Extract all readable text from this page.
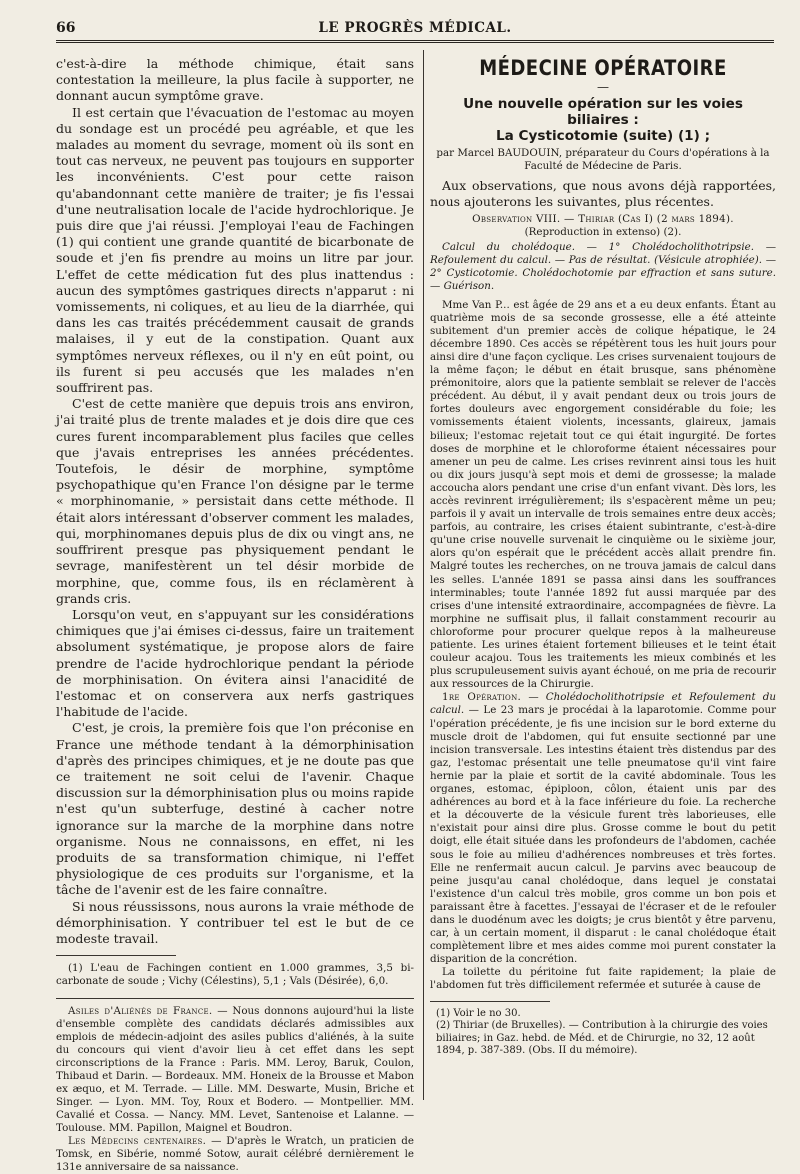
66	LE PROGRÈS MÉDICAL.

c'est-à-dire la méthode chimique, était sans contestation la meilleure, la plus facile à supporter, ne donnant aucun symptôme grave.

Il est certain que l'évacuation de l'estomac au moyen du sondage est un procédé peu agréable, et que les malades au moment du sevrage, moment où ils sont en tout cas nerveux, ne peuvent pas toujours en supporter les inconvénients. C'est pour cette raison qu'abandonnant cette manière de traiter; je fis l'essai d'une neutralisation locale de l'acide hydrochlorique. Je puis dire que j'ai réussi. J'employai l'eau de Fachingen (1) qui contient une grande quantité de bicarbonate de soude et j'en fis prendre au moins un litre par jour. L'effet de cette médication fut des plus inattendus : aucun des symptômes gastriques directs n'apparut : ni vomissements, ni coliques, et au lieu de la diarrhée, qui dans les cas traités précédemment causait de grands malaises, il y eut de la constipation. Quant aux symptômes nerveux réflexes, ou il n'y en eût point, ou ils furent si peu accusés que les malades n'en souffrirent pas.

C'est de cette manière que depuis trois ans environ, j'ai traité plus de trente malades et je dois dire que ces cures furent incomparablement plus faciles que celles que j'avais entreprises les années précédentes. Toutefois, le désir de morphine, symptôme psychopathique qu'en France l'on désigne par le terme « morphinomanie, » persistait dans cette méthode. Il était alors intéressant d'observer comment les malades, qui, morphinomanes depuis plus de dix ou vingt ans, ne souffrirent presque pas physiquement pendant le sevrage, manifestèrent un tel désir morbide de morphine, que, comme fous, ils en réclamèrent à grands cris.

Lorsqu'on veut, en s'appuyant sur les considérations chimiques que j'ai émises ci-dessus, faire un traitement absolument systématique, je propose alors de faire prendre de l'acide hydrochlorique pendant la période de morphinisation. On évitera ainsi l'anacidité de l'estomac et on conservera aux nerfs gastriques l'habitude de l'acide.

C'est, je crois, la première fois que l'on préconise en France une méthode tendant à la démorphinisation d'après des principes chimiques, et je ne doute pas que ce traitement ne soit celui de l'avenir. Chaque discussion sur la démorphinisation plus ou moins rapide n'est qu'un subterfuge, destiné à cacher notre ignorance sur la marche de la morphine dans notre organisme. Nous ne connaissons, en effet, ni les produits de sa transformation chimique, ni l'effet physiologique de ces produits sur l'organisme, et la tâche de l'avenir est de les faire connaître.

Si nous réussissons, nous aurons la vraie méthode de démorphinisation. Y contribuer tel est le but de ce modeste travail.

(1) L'eau de Fachingen contient en 1.000 grammes, 3,5 bi-carbonate de soude ; Vichy (Célestins), 5,1 ; Vals (Désirée), 6,0.

Asiles d'Aliénés de France. — Nous donnons aujourd'hui la liste d'ensemble complète des candidats déclarés admissibles aux emplois de médecin-adjoint des asiles publics d'aliénés, à la suite du concours qui vient d'avoir lieu à cet effet dans les sept circonscriptions de la France : Paris. MM. Leroy, Baruk, Coulon, Thibaud et Darin. — Bordeaux. MM. Honeix de la Brousse et Mabon ex æquo, et M. Terrade. — Lille. MM. Deswarte, Musin, Briche et Singer. — Lyon. MM. Toy, Roux et Bodero. — Montpellier. MM. Cavalié et Cossa. — Nancy. MM. Levet, Santenoise et Lalanne. — Toulouse. MM. Papillon, Maignel et Boudron.

Les Médecins centenaires. — D'après le Wratch, un praticien de Tomsk, en Sibérie, nommé Sotow, aurait célébré dernièrement le 131e anniversaire de sa naissance.

MÉDECINE OPÉRATOIRE

—

Une nouvelle opération sur les voies biliaires :
La Cysticotomie (suite) (1) ;
par Marcel BAUDOUIN, préparateur du Cours d'opérations à la Faculté de Médecine de Paris.

Aux observations, que nous avons déjà rapportées, nous ajouterons les suivantes, plus récentes.

Observation VIII. — Thiriar (Cas I) (2 mars 1894).
(Reproduction in extenso) (2).

Calcul du cholédoque. — 1° Cholédocholithotripsie. — Refoulement du calcul. — Pas de résultat. (Vésicule atrophiée). — 2° Cysticotomie. Cholédochotomie par effraction et sans suture. — Guérison.

Mme Van P... est âgée de 29 ans et a eu deux enfants. Étant au quatrième mois de sa seconde grossesse, elle a été atteinte subitement d'un premier accès de colique hépatique, le 24 décembre 1890. Ces accès se répétèrent tous les huit jours pour ainsi dire d'une façon cyclique. Les crises survenaient toujours de la même façon; le début en était brusque, sans phénomène prémonitoire, alors que la patiente semblait se relever de l'accès précédent. Au début, il y avait pendant deux ou trois jours de fortes douleurs avec engorgement considérable du foie; les vomissements étaient violents, incessants, glaireux, jamais bilieux; l'estomac rejetait tout ce qui était ingurgité. De fortes doses de morphine et le chloroforme étaient nécessaires pour amener un peu de calme. Les crises revinrent ainsi tous les huit ou dix jours jusqu'à sept mois et demi de grossesse; la malade accoucha alors pendant une crise d'un enfant vivant. Dès lors, les accès revinrent irrégulièrement; ils s'espacèrent même un peu; parfois il y avait un intervalle de trois semaines entre deux accès; parfois, au contraire, les crises étaient subintrante, c'est-à-dire qu'une crise nouvelle survenait le cinquième ou le sixième jour, alors qu'on espérait que le précédent accès allait prendre fin. Malgré toutes les recherches, on ne trouva jamais de calcul dans les selles. L'année 1891 se passa ainsi dans les souffrances interminables; toute l'année 1892 fut aussi marquée par des crises d'une intensité extraordinaire, accompagnées de fièvre. La morphine ne suffisait plus, il fallait constamment recourir au chloroforme pour procurer quelque repos à la malheureuse patiente. Les urines étaient fortement bilieuses et le teint était couleur acajou. Tous les traitements les mieux combinés et les plus scrupuleusement suivis ayant échoué, on me pria de recourir aux ressources de la Chirurgie.

1re Opération. — Cholédocholithotripsie et Refoulement du calcul. — Le 23 mars je procédai à la laparotomie. Comme pour l'opération précédente, je fis une incision sur le bord externe du muscle droit de l'abdomen, qui fut ensuite sectionné par une incision transversale. Les intestins étaient très distendus par des gaz, l'estomac présentait une telle pneumatose qu'il vint faire hernie par la plaie et sortit de la cavité abdominale. Tous les organes, estomac, épiploon, côlon, étaient unis par des adhérences au bord et à la face inférieure du foie. La recherche et la découverte de la vésicule furent très laborieuses, elle n'existait pour ainsi dire plus. Grosse comme le bout du petit doigt, elle était située dans les profondeurs de l'abdomen, cachée sous le foie au milieu d'adhérences nombreuses et très fortes. Elle ne renfermait aucun calcul. Je parvins avec beaucoup de peine jusqu'au canal cholédoque, dans lequel je constatai l'existence d'un calcul très mobile, gros comme un bon pois et paraissant être à facettes. J'essayai de l'écraser et de le refouler dans le duodénum avec les doigts; je crus bientôt y être parvenu, car, à un certain moment, il disparut : le canal cholédoque était complètement libre et mes aides comme moi purent constater la disparition de la concrétion.

La toilette du péritoine fut faite rapidement; la plaie de l'abdomen fut très difficilement refermée et suturée à cause de

(1) Voir le no 30.

(2) Thiriar (de Bruxelles). — Contribution à la chirurgie des voies biliaires; in Gaz. hebd. de Méd. et de Chirurgie, no 32, 12 août 1894, p. 387-389. (Obs. II du mémoire).
